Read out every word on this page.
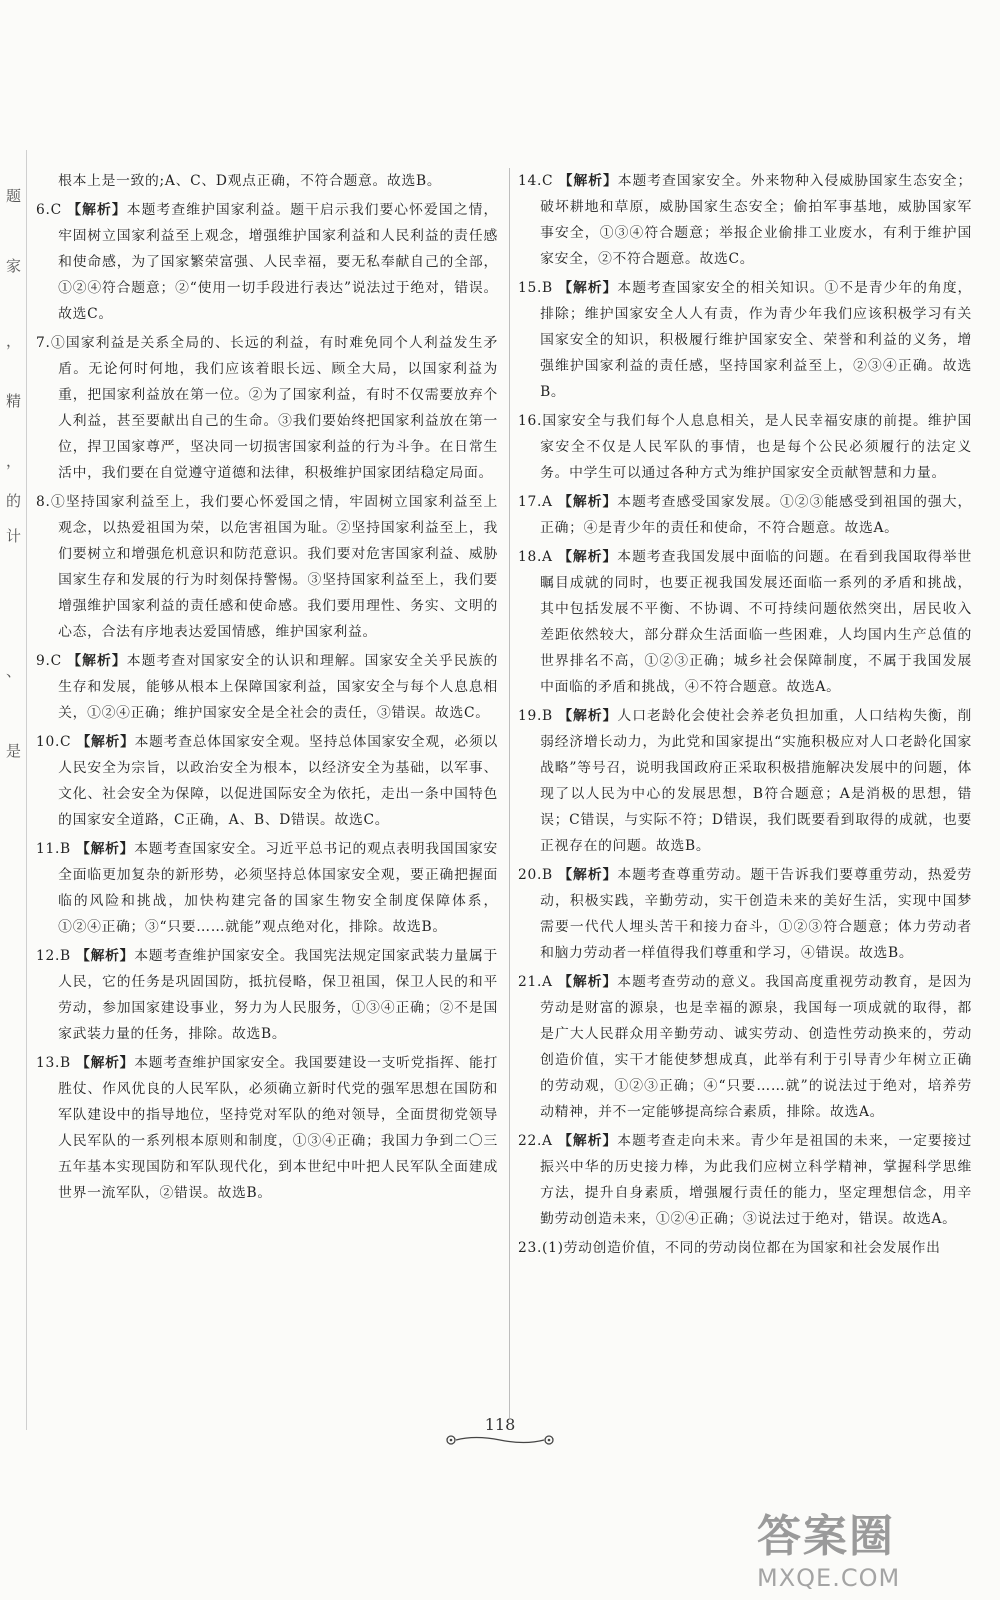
题
家
，
精
，
的
计
、
是
根本上是一致的;A、C、D观点正确，不符合题意。故选B。
6.C 【解析】本题考查维护国家利益。题干启示我们要心怀爱国之情，牢固树立国家利益至上观念，增强维护国家利益和人民利益的责任感和使命感，为了国家繁荣富强、人民幸福，要无私奉献自己的全部，①②④符合题意；②“使用一切手段进行表达”说法过于绝对，错误。故选C。
7.①国家利益是关系全局的、长远的利益，有时难免同个人利益发生矛盾。无论何时何地，我们应该着眼长远、顾全大局，以国家利益为重，把国家利益放在第一位。②为了国家利益，有时不仅需要放弃个人利益，甚至要献出自己的生命。③我们要始终把国家利益放在第一位，捍卫国家尊严，坚决同一切损害国家利益的行为斗争。在日常生活中，我们要在自觉遵守道德和法律，积极维护国家团结稳定局面。
8.①坚持国家利益至上，我们要心怀爱国之情，牢固树立国家利益至上观念，以热爱祖国为荣，以危害祖国为耻。②坚持国家利益至上，我们要树立和增强危机意识和防范意识。我们要对危害国家利益、威胁国家生存和发展的行为时刻保持警惕。③坚持国家利益至上，我们要增强维护国家利益的责任感和使命感。我们要用理性、务实、文明的心态，合法有序地表达爱国情感，维护国家利益。
9.C 【解析】本题考查对国家安全的认识和理解。国家安全关乎民族的生存和发展，能够从根本上保障国家利益，国家安全与每个人息息相关，①②④正确；维护国家安全是全社会的责任，③错误。故选C。
10.C 【解析】本题考查总体国家安全观。坚持总体国家安全观，必须以人民安全为宗旨，以政治安全为根本，以经济安全为基础，以军事、文化、社会安全为保障，以促进国际安全为依托，走出一条中国特色的国家安全道路，C正确，A、B、D错误。故选C。
11.B 【解析】本题考查国家安全。习近平总书记的观点表明我国国家安全面临更加复杂的新形势，必须坚持总体国家安全观，要正确把握面临的风险和挑战，加快构建完备的国家生物安全制度保障体系，①②④正确；③“只要……就能”观点绝对化，排除。故选B。
12.B 【解析】本题考查维护国家安全。我国宪法规定国家武装力量属于人民，它的任务是巩固国防，抵抗侵略，保卫祖国，保卫人民的和平劳动，参加国家建设事业，努力为人民服务，①③④正确；②不是国家武装力量的任务，排除。故选B。
13.B 【解析】本题考查维护国家安全。我国要建设一支听党指挥、能打胜仗、作风优良的人民军队，必须确立新时代党的强军思想在国防和军队建设中的指导地位，坚持党对军队的绝对领导，全面贯彻党领导人民军队的一系列根本原则和制度，①③④正确；我国力争到二〇三五年基本实现国防和军队现代化，到本世纪中叶把人民军队全面建成世界一流军队，②错误。故选B。
14.C 【解析】本题考查国家安全。外来物种入侵威胁国家生态安全；破坏耕地和草原，威胁国家生态安全；偷拍军事基地，威胁国家军事安全，①③④符合题意；举报企业偷排工业废水，有利于维护国家安全，②不符合题意。故选C。
15.B 【解析】本题考查国家安全的相关知识。①不是青少年的角度，排除；维护国家安全人人有责，作为青少年我们应该积极学习有关国家安全的知识，积极履行维护国家安全、荣誉和利益的义务，增强维护国家利益的责任感，坚持国家利益至上，②③④正确。故选B。
16.国家安全与我们每个人息息相关，是人民幸福安康的前提。维护国家安全不仅是人民军队的事情，也是每个公民必须履行的法定义务。中学生可以通过各种方式为维护国家安全贡献智慧和力量。
17.A 【解析】本题考查感受国家发展。①②③能感受到祖国的强大，正确；④是青少年的责任和使命，不符合题意。故选A。
18.A 【解析】本题考查我国发展中面临的问题。在看到我国取得举世瞩目成就的同时，也要正视我国发展还面临一系列的矛盾和挑战，其中包括发展不平衡、不协调、不可持续问题依然突出，居民收入差距依然较大，部分群众生活面临一些困难，人均国内生产总值的世界排名不高，①②③正确；城乡社会保障制度，不属于我国发展中面临的矛盾和挑战，④不符合题意。故选A。
19.B 【解析】人口老龄化会使社会养老负担加重，人口结构失衡，削弱经济增长动力，为此党和国家提出“实施积极应对人口老龄化国家战略”等号召，说明我国政府正采取积极措施解决发展中的问题，体现了以人民为中心的发展思想，B符合题意；A是消极的思想，错误；C错误，与实际不符；D错误，我们既要看到取得的成就，也要正视存在的问题。故选B。
20.B 【解析】本题考查尊重劳动。题干告诉我们要尊重劳动，热爱劳动，积极实践，辛勤劳动，实干创造未来的美好生活，实现中国梦需要一代代人埋头苦干和接力奋斗，①②③符合题意；体力劳动者和脑力劳动者一样值得我们尊重和学习，④错误。故选B。
21.A 【解析】本题考查劳动的意义。我国高度重视劳动教育，是因为劳动是财富的源泉，也是幸福的源泉，我国每一项成就的取得，都是广大人民群众用辛勤劳动、诚实劳动、创造性劳动换来的，劳动创造价值，实干才能使梦想成真，此举有利于引导青少年树立正确的劳动观，①②③正确；④“只要……就”的说法过于绝对，培养劳动精神，并不一定能够提高综合素质，排除。故选A。
22.A 【解析】本题考查走向未来。青少年是祖国的未来，一定要接过振兴中华的历史接力棒，为此我们应树立科学精神，掌握科学思维方法，提升自身素质，增强履行责任的能力，坚定理想信念，用辛勤劳动创造未来，①②④正确；③说法过于绝对，错误。故选A。
23.(1)劳动创造价值，不同的劳动岗位都在为国家和社会发展作出
118
答案圈
MXQE.COM
